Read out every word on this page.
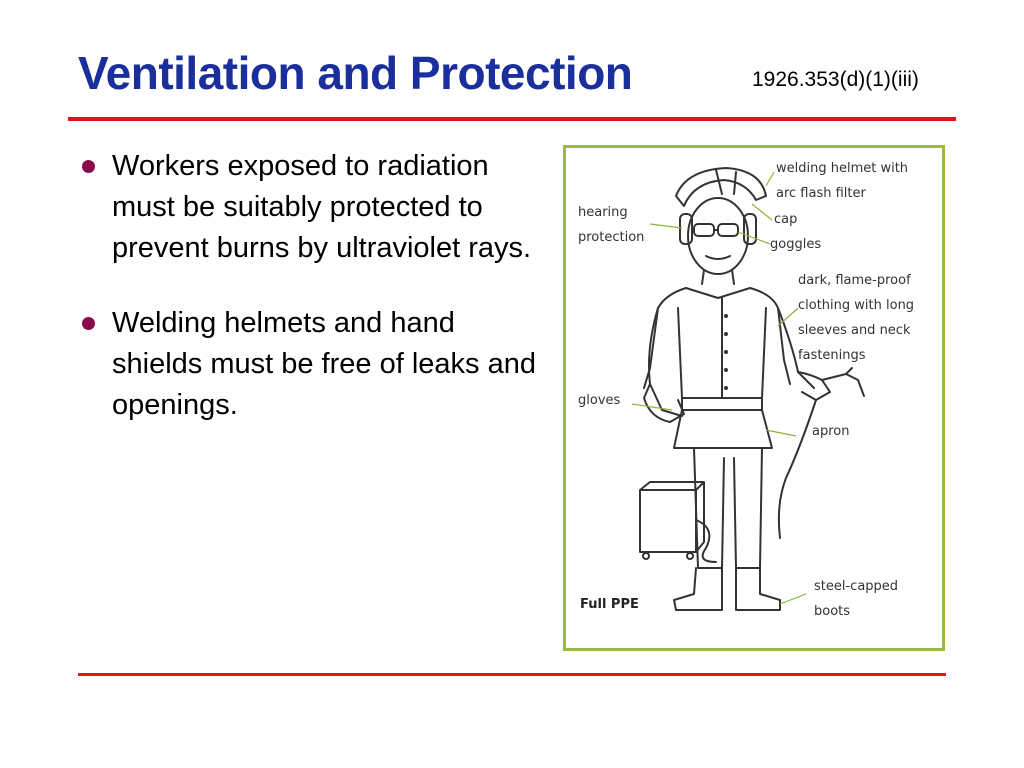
Ventilation and Protection	1926.353(d)(1)(iii)
Workers exposed to radiation must be suitably protected to prevent burns by ultraviolet rays.
Welding helmets and hand shields must be free of leaks and openings.
welding helmet with
arc flash filter
cap
goggles
hearing
protection
dark, flame-proof
clothing with long
sleeves and neck
fastenings
gloves
apron
steel-capped
boots
Full PPE
